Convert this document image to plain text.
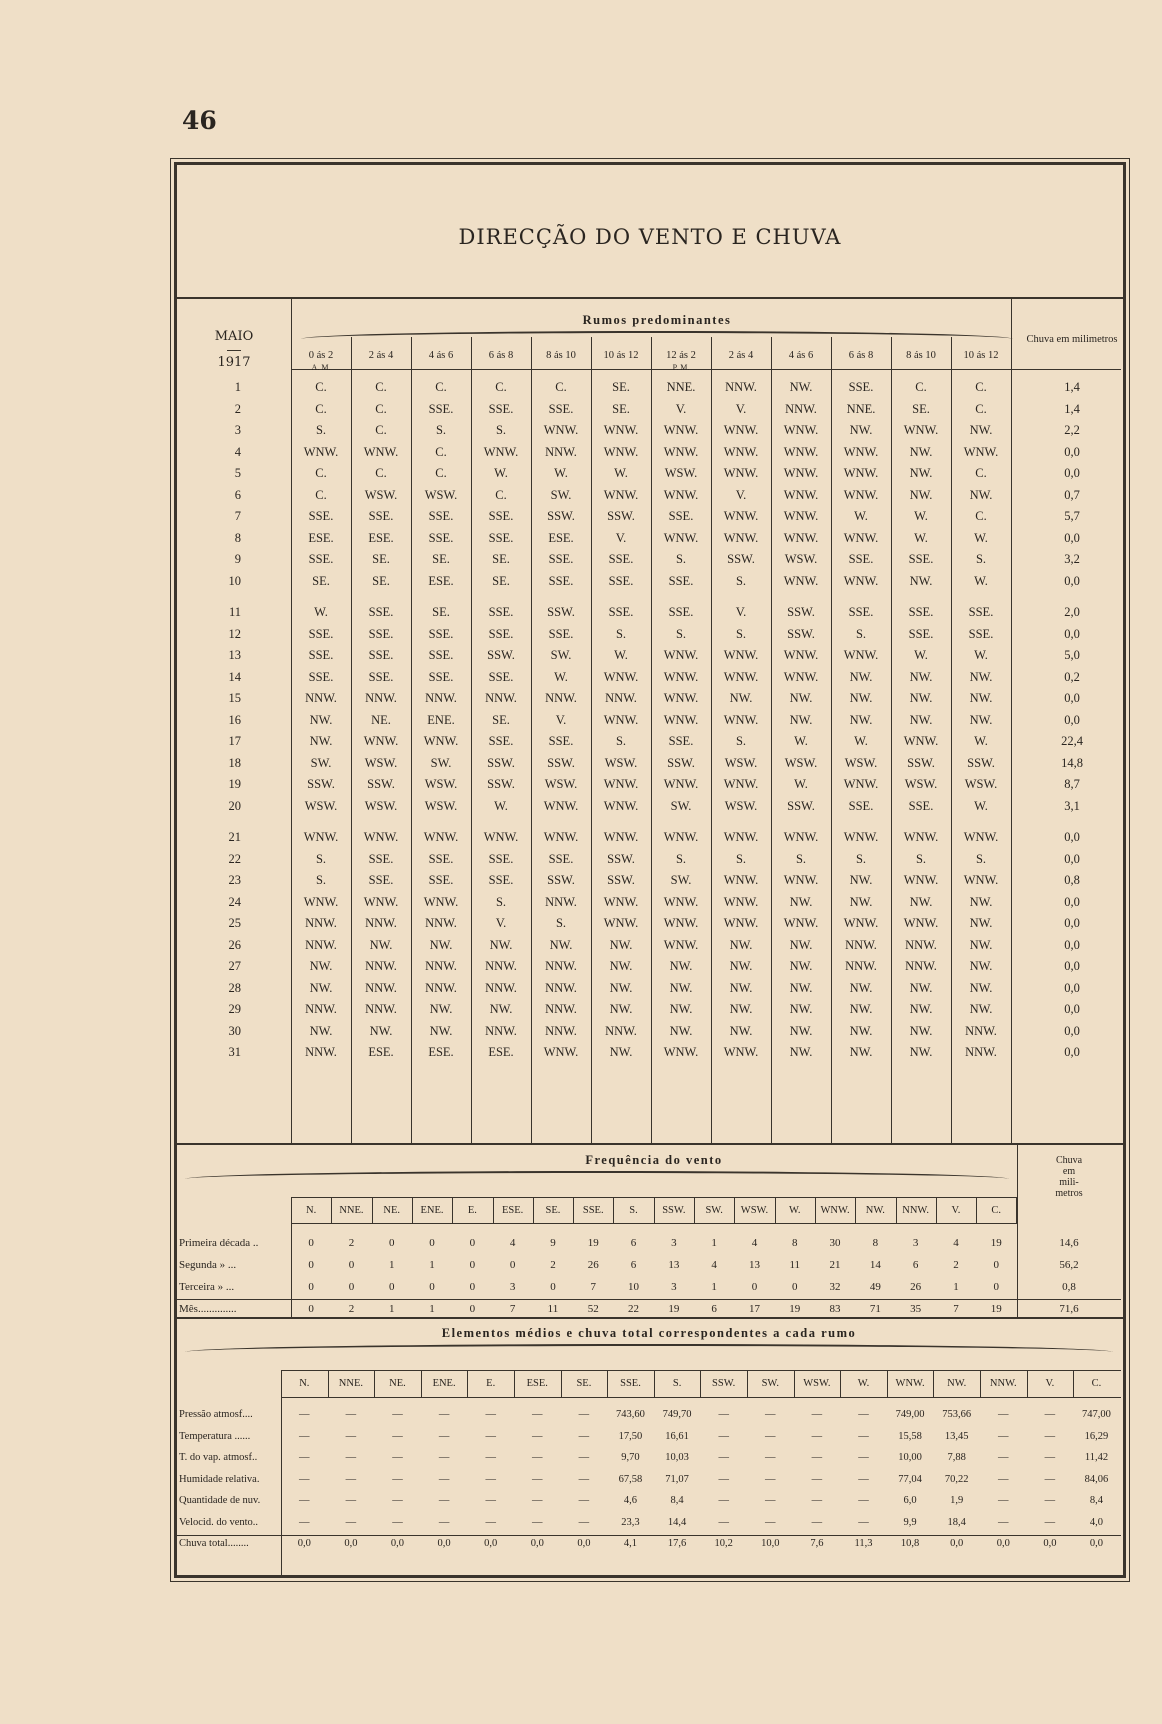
46
DIRECÇÃO DO VENTO E CHUVA
MAIO
1917
Rumos predominantes
Chuva em milimetros
0 ás 2
A. M.
2 ás 4	4 ás 6	6 ás 8	8 ás 10	10 ás 12	12 ás 2
P. M.
2 ás 4	4 ás 6	6 ás 8	8 ás 10	10 ás 12
1	C.	C.	C.	C.	C.	SE.	NNE.	NNW.	NW.	SSE.	C.	C.	1,4
2	C.	C.	SSE.	SSE.	SSE.	SE.	V.	V.	NNW.	NNE.	SE.	C.	1,4
3	S.	C.	S.	S.	WNW.	WNW.	WNW.	WNW.	WNW.	NW.	WNW.	NW.	2,2
4	WNW.	WNW.	C.	WNW.	NNW.	WNW.	WNW.	WNW.	WNW.	WNW.	NW.	WNW.	0,0
5	C.	C.	C.	W.	W.	W.	WSW.	WNW.	WNW.	WNW.	NW.	C.	0,0
6	C.	WSW.	WSW.	C.	SW.	WNW.	WNW.	V.	WNW.	WNW.	NW.	NW.	0,7
7	SSE.	SSE.	SSE.	SSE.	SSW.	SSW.	SSE.	WNW.	WNW.	W.	W.	C.	5,7
8	ESE.	ESE.	SSE.	SSE.	ESE.	V.	WNW.	WNW.	WNW.	WNW.	W.	W.	0,0
9	SSE.	SE.	SE.	SE.	SSE.	SSE.	S.	SSW.	WSW.	SSE.	SSE.	S.	3,2
10	SE.	SE.	ESE.	SE.	SSE.	SSE.	SSE.	S.	WNW.	WNW.	NW.	W.	0,0
11	W.	SSE.	SE.	SSE.	SSW.	SSE.	SSE.	V.	SSW.	SSE.	SSE.	SSE.	2,0
12	SSE.	SSE.	SSE.	SSE.	SSE.	S.	S.	S.	SSW.	S.	SSE.	SSE.	0,0
13	SSE.	SSE.	SSE.	SSW.	SW.	W.	WNW.	WNW.	WNW.	WNW.	W.	W.	5,0
14	SSE.	SSE.	SSE.	SSE.	W.	WNW.	WNW.	WNW.	WNW.	NW.	NW.	NW.	0,2
15	NNW.	NNW.	NNW.	NNW.	NNW.	NNW.	WNW.	NW.	NW.	NW.	NW.	NW.	0,0
16	NW.	NE.	ENE.	SE.	V.	WNW.	WNW.	WNW.	NW.	NW.	NW.	NW.	0,0
17	NW.	WNW.	WNW.	SSE.	SSE.	S.	SSE.	S.	W.	W.	WNW.	W.	22,4
18	SW.	WSW.	SW.	SSW.	SSW.	WSW.	SSW.	WSW.	WSW.	WSW.	SSW.	SSW.	14,8
19	SSW.	SSW.	WSW.	SSW.	WSW.	WNW.	WNW.	WNW.	W.	WNW.	WSW.	WSW.	8,7
20	WSW.	WSW.	WSW.	W.	WNW.	WNW.	SW.	WSW.	SSW.	SSE.	SSE.	W.	3,1
21	WNW.	WNW.	WNW.	WNW.	WNW.	WNW.	WNW.	WNW.	WNW.	WNW.	WNW.	WNW.	0,0
22	S.	SSE.	SSE.	SSE.	SSE.	SSW.	S.	S.	S.	S.	S.	S.	0,0
23	S.	SSE.	SSE.	SSE.	SSW.	SSW.	SW.	WNW.	WNW.	NW.	WNW.	WNW.	0,8
24	WNW.	WNW.	WNW.	S.	NNW.	WNW.	WNW.	WNW.	NW.	NW.	NW.	NW.	0,0
25	NNW.	NNW.	NNW.	V.	S.	WNW.	WNW.	WNW.	WNW.	WNW.	WNW.	NW.	0,0
26	NNW.	NW.	NW.	NW.	NW.	NW.	WNW.	NW.	NW.	NNW.	NNW.	NW.	0,0
27	NW.	NNW.	NNW.	NNW.	NNW.	NW.	NW.	NW.	NW.	NNW.	NNW.	NW.	0,0
28	NW.	NNW.	NNW.	NNW.	NNW.	NW.	NW.	NW.	NW.	NW.	NW.	NW.	0,0
29	NNW.	NNW.	NW.	NW.	NNW.	NW.	NW.	NW.	NW.	NW.	NW.	NW.	0,0
30	NW.	NW.	NW.	NNW.	NNW.	NNW.	NW.	NW.	NW.	NW.	NW.	NNW.	0,0
31	NNW.	ESE.	ESE.	ESE.	WNW.	NW.	WNW.	WNW.	NW.	NW.	NW.	NNW.	0,0
Frequência do vento	Chuva
em
mili-
metros
N.	NNE.	NE.	ENE.	E.	ESE.	SE.	SSE.	S.	SSW.	SW.	WSW.	W.	WNW.	NW.	NNW.	V.	C.
Primeira década ..	0	2	0	0	0	4	9	19	6	3	1	4	8	30	8	3	4	19	14,6
Segunda » ...	0	0	1	1	0	0	2	26	6	13	4	13	11	21	14	6	2	0	56,2
Terceira » ...	0	0	0	0	0	3	0	7	10	3	1	0	0	32	49	26	1	0	0,8
Mês..............	0	2	1	1	0	7	11	52	22	19	6	17	19	83	71	35	7	19	71,6
Elementos médios e chuva total correspondentes a cada rumo
N.	NNE.	NE.	ENE.	E.	ESE.	SE.	SSE.	S.	SSW.	SW.	WSW.	W.	WNW.	NW.	NNW.	V.	C.
Pressão atmosf....	—	—	—	—	—	—	—	743,60	749,70	—	—	—	—	749,00	753,66	—	—	747,00
Temperatura ......	—	—	—	—	—	—	—	17,50	16,61	—	—	—	—	15,58	13,45	—	—	16,29
T. do vap. atmosf..	—	—	—	—	—	—	—	9,70	10,03	—	—	—	—	10,00	7,88	—	—	11,42
Humidade relativa.	—	—	—	—	—	—	—	67,58	71,07	—	—	—	—	77,04	70,22	—	—	84,06
Quantidade de nuv.	—	—	—	—	—	—	—	4,6	8,4	—	—	—	—	6,0	1,9	—	—	8,4
Velocid. do vento..	—	—	—	—	—	—	—	23,3	14,4	—	—	—	—	9,9	18,4	—	—	4,0
Chuva total........	0,0	0,0	0,0	0,0	0,0	0,0	0,0	4,1	17,6	10,2	10,0	7,6	11,3	10,8	0,0	0,0	0,0	0,0
